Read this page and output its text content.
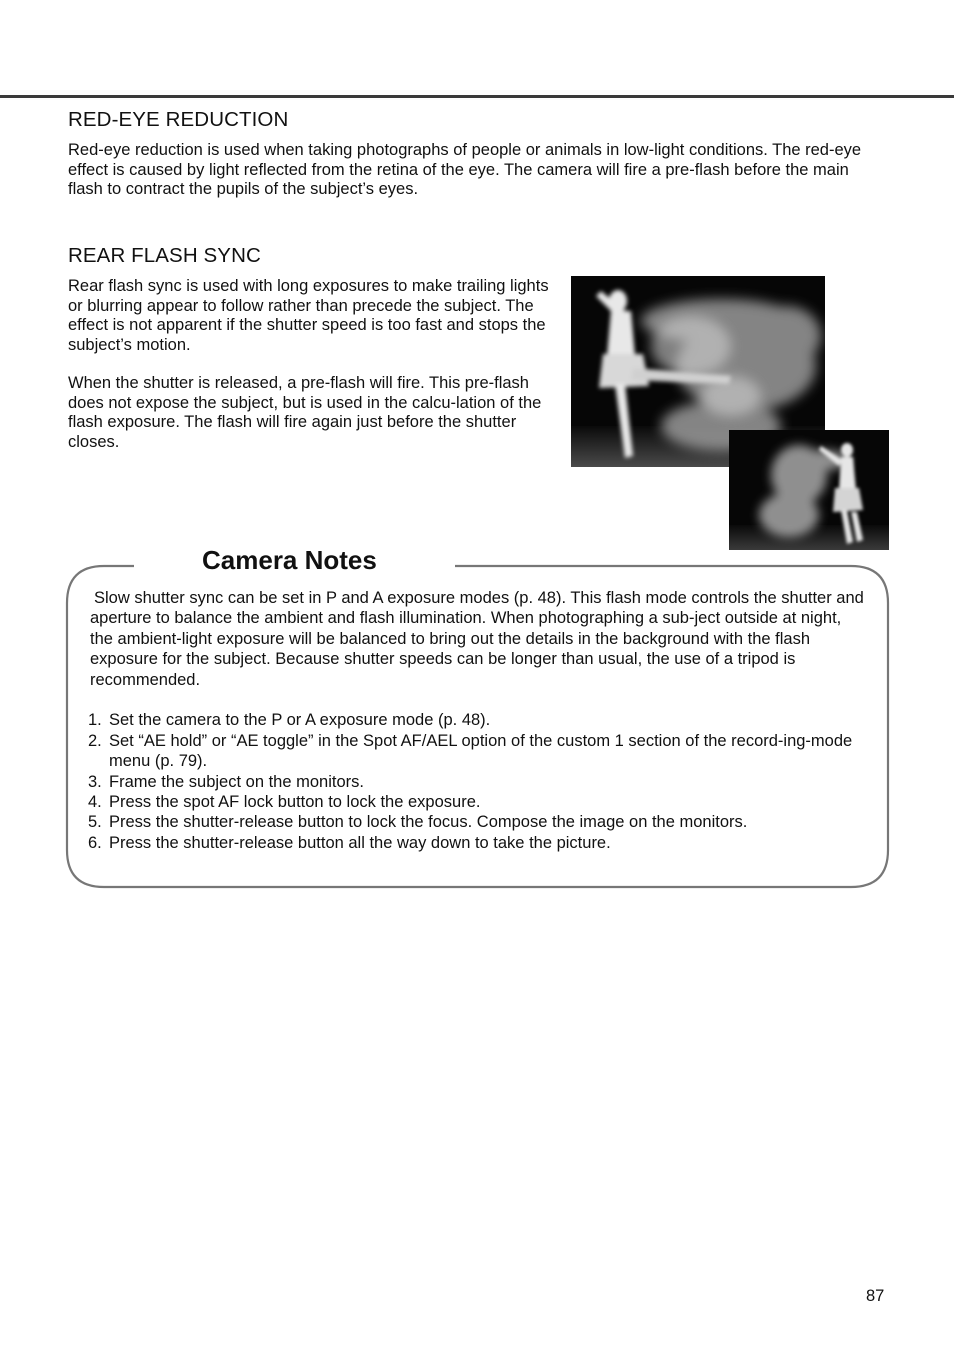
RED-EYE REDUCTION

Red-eye reduction is used when taking photographs of people or animals in low-light conditions. The red-eye effect is caused by light reflected from the retina of the eye. The camera will fire a pre-flash before the main flash to contract the pupils of the subject’s eyes.

REAR FLASH SYNC

Rear flash sync is used with long exposures to make trailing lights or blurring appear to follow rather than precede the subject. The effect is not apparent if the shutter speed is too fast and stops the subject’s motion.

When the shutter is released, a pre-flash will fire. This pre-flash does not expose the subject, but is used in the calcu-lation of the flash exposure. The flash will fire again just before the shutter closes.

Camera Notes

Slow shutter sync can be set in P and A exposure modes (p. 48). This flash mode controls the shutter and aperture to balance the ambient and flash illumination. When photographing a sub-ject outside at night, the ambient-light exposure will be balanced to bring out the details in the background with the flash exposure for the subject. Because shutter speeds can be longer than usual, the use of a tripod is recommended.

1. Set the camera to the P or A exposure mode (p. 48).
2. Set “AE hold” or “AE toggle” in the Spot AF/AEL option of the custom 1 section of the record-ing-mode menu (p. 79).
3. Frame the subject on the monitors.
4. Press the spot AF lock button to lock the exposure.
5. Press the shutter-release button to lock the focus. Compose the image on the monitors.
6. Press the shutter-release button all the way down to take the picture.
87
